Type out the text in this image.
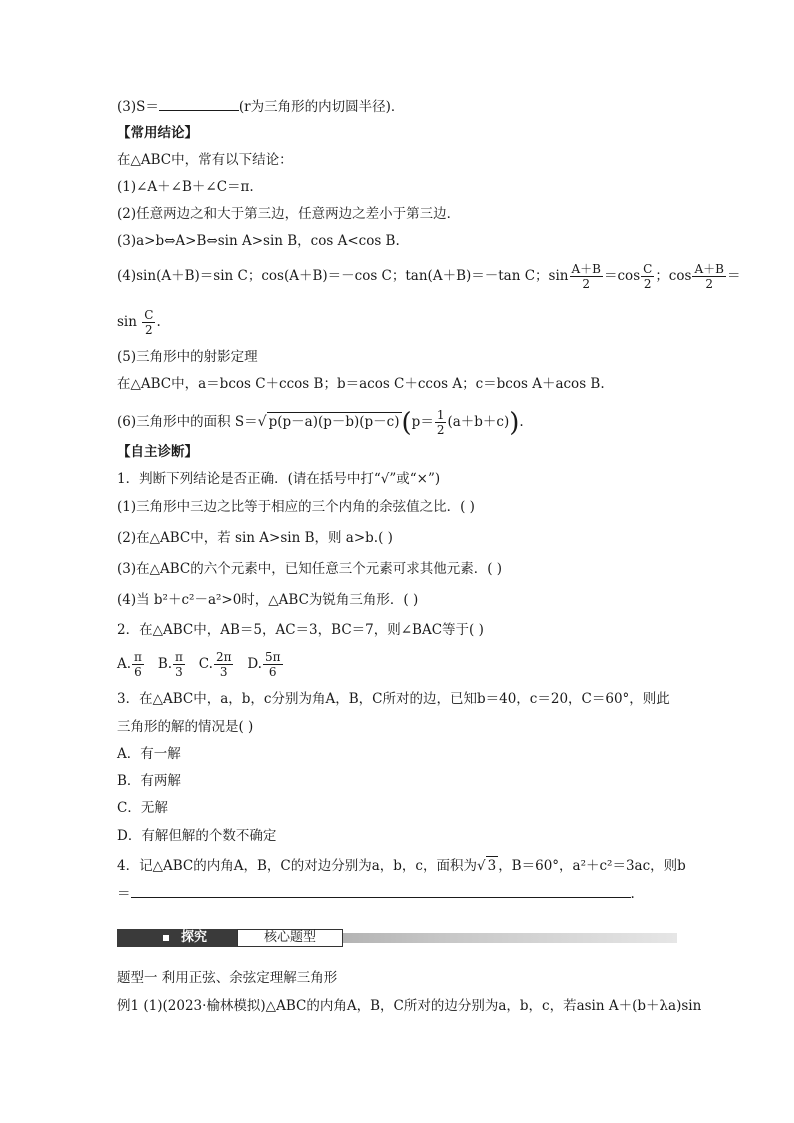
(3)S＝	(r为三角形的内切圆半径)．
【常用结论】
在△ABC中，常有以下结论：
(1)∠A＋∠B＋∠C＝π.
(2)任意两边之和大于第三边，任意两边之差小于第三边．
(3)a>b⇔A>B⇔sin A>sin B，cos A<cos B.
(4)sin(A＋B)＝sin C；cos(A＋B)＝－cos C；tan(A＋B)＝－tan C；$\sin \frac{A+B}{2} =\cos \frac{C}{2}$ ；$\cos \frac{A+B}{2}$ ＝
$\sin \frac{C}{2}$ .
(5)三角形中的射影定理
在△ABC中，a＝bcos C＋ccos B；b＝acos C＋ccos A；c＝bcos A＋acos B.
(6)三角形中的面积 S＝√ $p(p-a)(p-b)(p-c)(p= \frac{1}{2} (a+b+c))$.
【自主诊断】
1．判断下列结论是否正确．(请在括号中打“√”或“×”)
(1)三角形中三边之比等于相应的三个内角的余弦值之比．( )
(2)在△ABC中，若 sin A>sin B，则 a>b.( )
(3)在△ABC的六个元素中，已知任意三个元素可求其他元素．( )
(4)当 b²＋c²－a²>0时，△ABC为锐角三角形．( )
2．在△ABC中，AB＝5，AC＝3，BC＝7，则∠BAC等于( )
A. $\frac{\pi}{6} B$. $\frac{\pi}{3} C$. $\frac{2\pi}{3} D$. $\frac{5\pi}{6}$
3．在△ABC中，a，b，c分别为角A，B，C所对的边，已知b＝40，c＝20，C＝60°，则此
三角形的解的情况是( )
A．有一解
B．有两解
C．无解
D．有解但解的个数不确定
4．记△ABC的内角A，B，C的对边分别为a，b，c，面积为√ 3 ，B＝60°，a²＋c²＝3ac，则b
＝	.
探究	核心题型
题型一 利用正弦、余弦定理解三角形
例1 (1)(2023·榆林模拟)△ABC的内角A，B，C所对的边分别为a，b，c，若asin A＋(b＋λa)sin
